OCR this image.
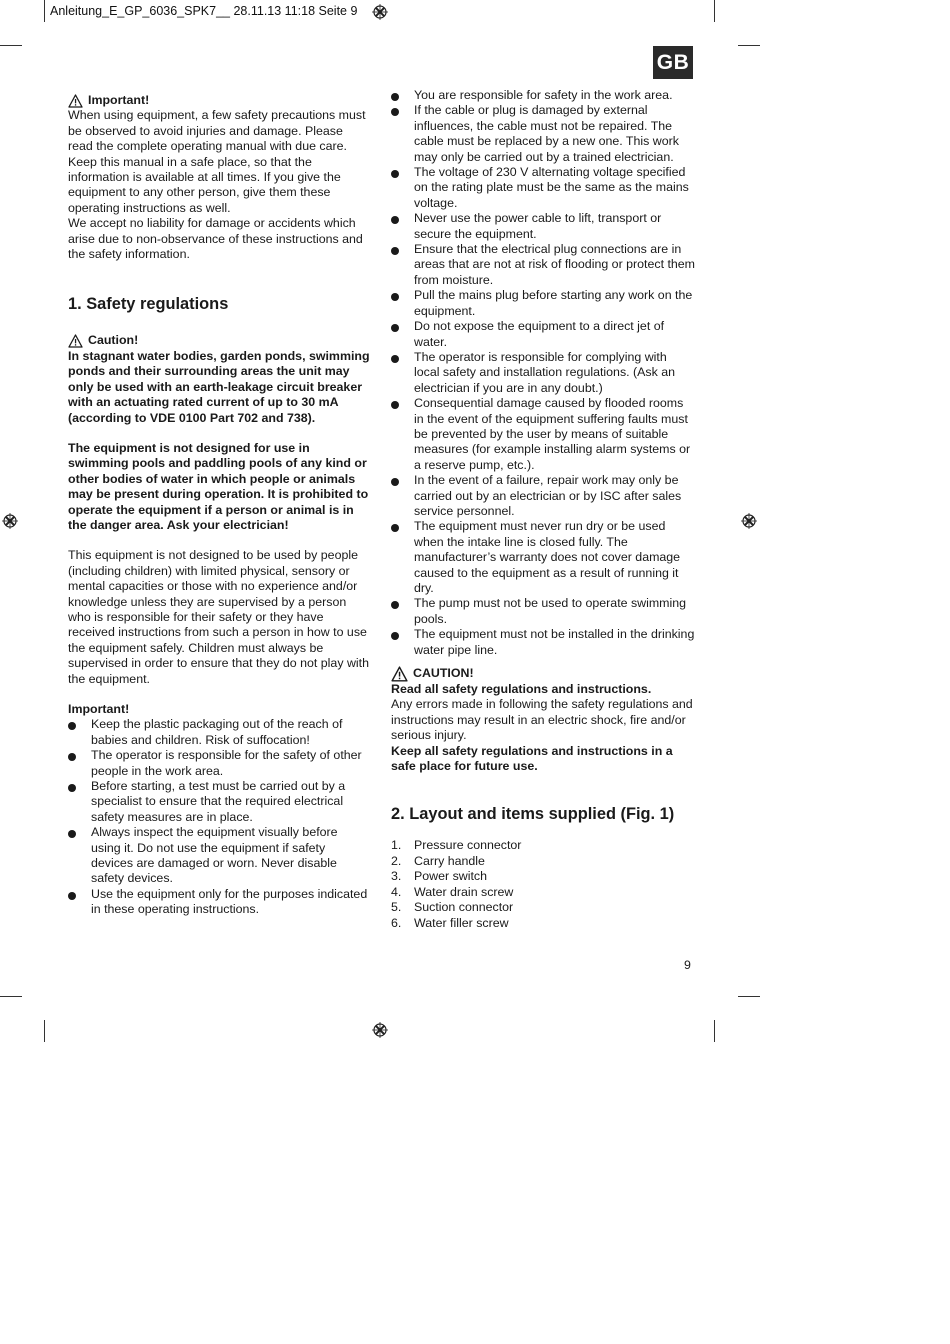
Anleitung_E_GP_6036_SPK7__ 28.11.13 11:18 Seite 9
GB
Important!

When using equipment, a few safety precautions must be observed to avoid injuries and damage. Please read the complete operating manual with due care. Keep this manual in a safe place, so that the information is available at all times. If you give the equipment to any other person, give them these operating instructions as well.

We accept no liability for damage or accidents which arise due to non-observance of these instructions and the safety information.

1. Safety regulations
Caution!

In stagnant water bodies, garden ponds, swimming ponds and their surrounding areas the unit may only be used with an earth-leakage circuit breaker with an actuating rated current of up to 30 mA (according to VDE 0100 Part 702 and 738).

The equipment is not designed for use in swimming pools and paddling pools of any kind or other bodies of water in which people or animals may be present during operation. It is prohibited to operate the equipment if a person or animal is in the danger area. Ask your electrician!

This equipment is not designed to be used by people (including children) with limited physical, sensory or mental capacities or those with no experience and/or knowledge unless they are supervised by a person who is responsible for their safety or they have received instructions from such a person in how to use the equipment safely. Children must always be supervised in order to ensure that they do not play with the equipment.

Important!

Keep the plastic packaging out of the reach of babies and children. Risk of suffocation!
The operator is responsible for the safety of other people in the work area.
Before starting, a test must be carried out by a specialist to ensure that the required electrical safety measures are in place.
Always inspect the equipment visually before using it. Do not use the equipment if safety devices are damaged or worn. Never disable safety devices.
Use the equipment only for the purposes indicated in these operating instructions.
You are responsible for safety in the work area.
If the cable or plug is damaged by external influences, the cable must not be repaired. The cable must be replaced by a new one. This work may only be carried out by a trained electrician.
The voltage of 230 V alternating voltage specified on the rating plate must be the same as the mains voltage.
Never use the power cable to lift, transport or secure the equipment.
Ensure that the electrical plug connections are in areas that are not at risk of flooding or protect them from moisture.
Pull the mains plug before starting any work on the equipment.
Do not expose the equipment to a direct jet of water.
The operator is responsible for complying with local safety and installation regulations. (Ask an electrician if you are in any doubt.)
Consequential damage caused by flooded rooms in the event of the equipment suffering faults must be prevented by the user by means of suitable measures (for example installing alarm systems or a reserve pump, etc.).
In the event of a failure, repair work may only be carried out by an electrician or by ISC after sales service personnel.
The equipment must never run dry or be used when the intake line is closed fully. The manufacturer’s warranty does not cover damage caused to the equipment as a result of running it dry.
The pump must not be used to operate swimming pools.
The equipment must not be installed in the drinking water pipe line.
CAUTION!

Read all safety regulations and instructions.

Any errors made in following the safety regulations and instructions may result in an electric shock, fire and/or serious injury.

Keep all safety regulations and instructions in a safe place for future use.

2. Layout and items supplied (Fig. 1)
1.	Pressure connector
2.	Carry handle
3.	Power switch
4.	Water drain screw
5.	Suction connector
6.	Water filler screw
9
